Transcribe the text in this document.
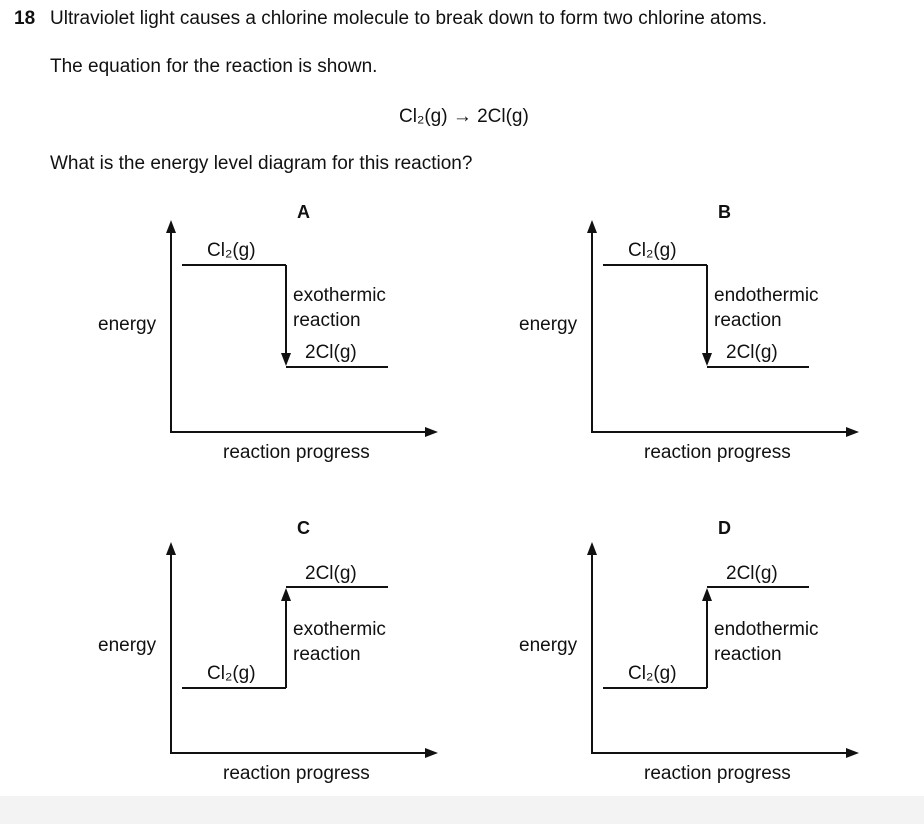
18 Ultraviolet light causes a chlorine molecule to break down to form two chlorine atoms.
The equation for the reaction is shown.
Cl₂(g) → 2Cl(g)
What is the energy level diagram for this reaction?
A
energy
reaction progress
Cl₂(g)
2Cl(g)
exothermic
reaction
B
energy
reaction progress
Cl₂(g)
2Cl(g)
endothermic
reaction
C
energy
reaction progress
Cl₂(g)
2Cl(g)
exothermic
reaction
D
energy
reaction progress
Cl₂(g)
2Cl(g)
endothermic
reaction
